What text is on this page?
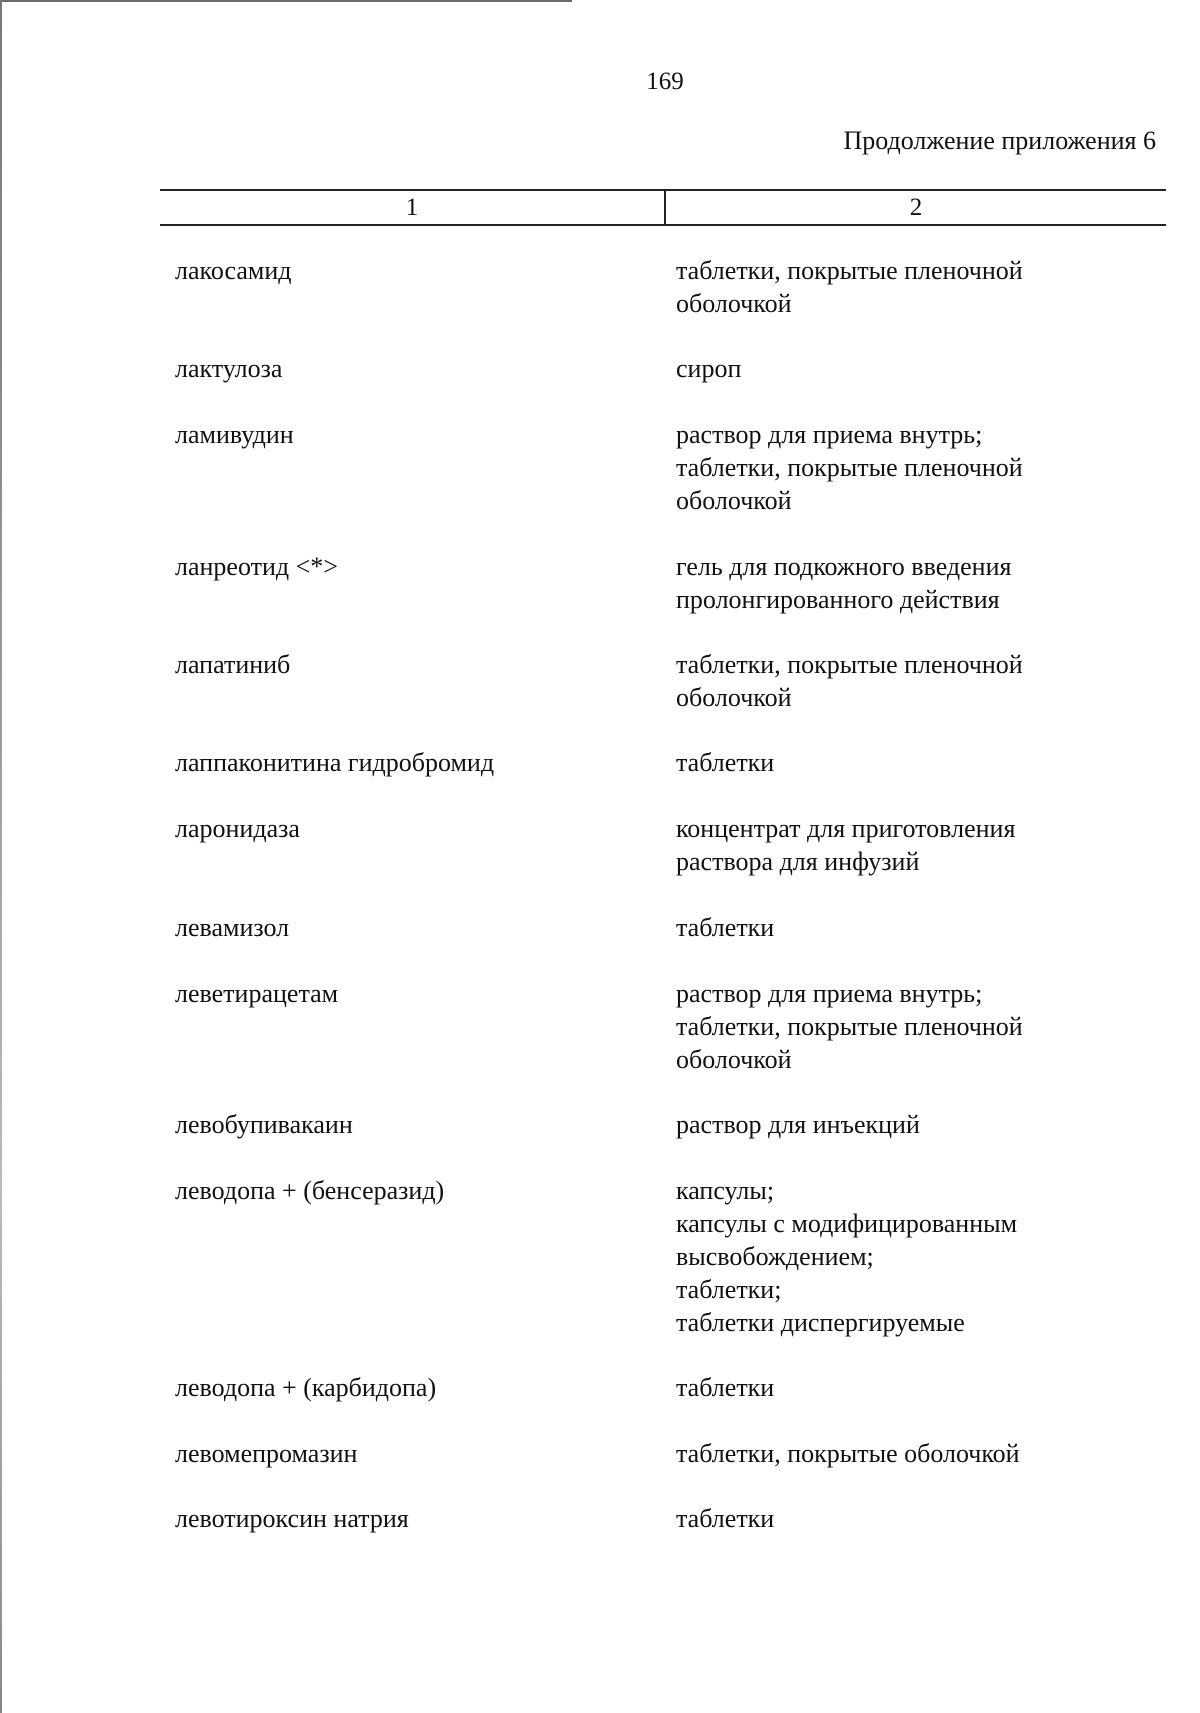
169
Продолжение приложения 6
1	2
лакосамид	таблетки, покрытые пленочной
оболочкой
лактулоза	сироп
ламивудин	раствор для приема внутрь;
таблетки, покрытые пленочной
оболочкой
ланреотид <*>	гель для подкожного введения
пролонгированного действия
лапатиниб	таблетки, покрытые пленочной
оболочкой
лаппаконитина гидробромид	таблетки
ларонидаза	концентрат для приготовления
раствора для инфузий
левамизол	таблетки
леветирацетам	раствор для приема внутрь;
таблетки, покрытые пленочной
оболочкой
левобупивакаин	раствор для инъекций
леводопа + (бенсеразид)	капсулы;
капсулы с модифицированным
высвобождением;
таблетки;
таблетки диспергируемые
леводопа + (карбидопа)	таблетки
левомепромазин	таблетки, покрытые оболочкой
левотироксин натрия	таблетки
